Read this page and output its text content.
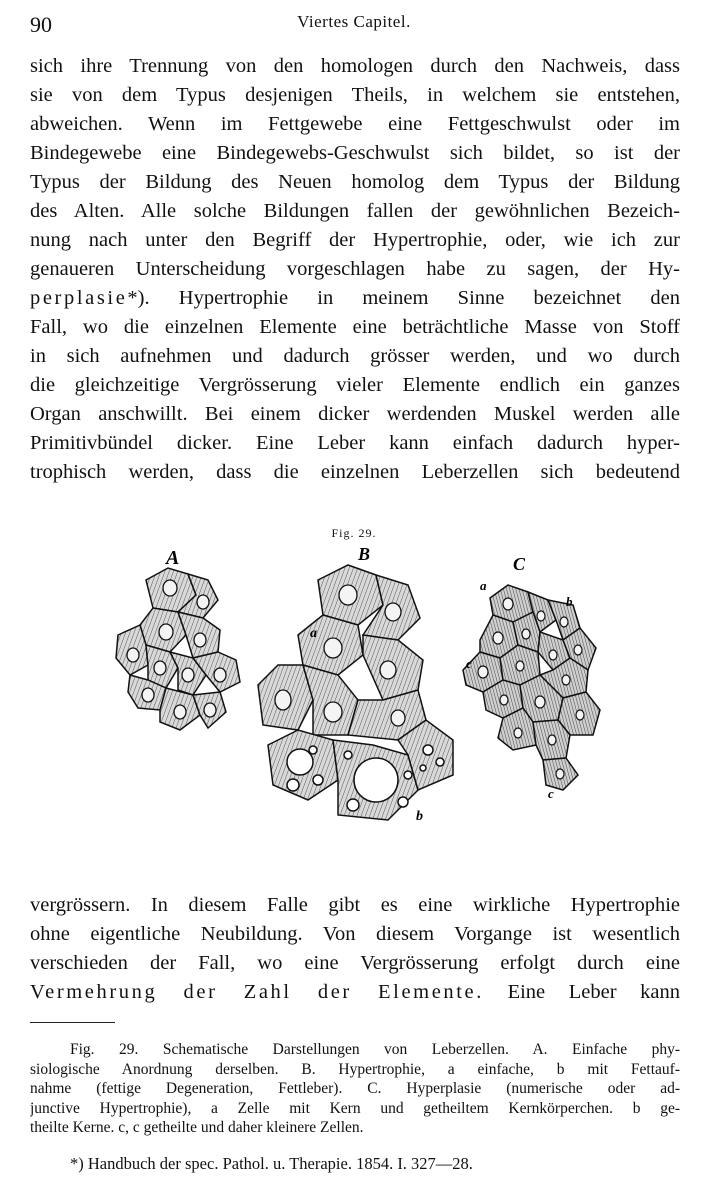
90	Viertes Capitel.
sich ihre Trennung von den homologen durch den Nachweis, dass
sie von dem Typus desjenigen Theils, in welchem sie entstehen,
abweichen. Wenn im Fettgewebe eine Fettgeschwulst oder im
Bindegewebe eine Bindegewebs-Geschwulst sich bildet, so ist der
Typus der Bildung des Neuen homolog dem Typus der Bildung
des Alten. Alle solche Bildungen fallen der gewöhnlichen Bezeich-
nung nach unter den Begriff der Hypertrophie, oder, wie ich zur
genaueren Unterscheidung vorgeschlagen habe zu sagen, der Hy-
perplasie*). Hypertrophie in meinem Sinne bezeichnet den
Fall, wo die einzelnen Elemente eine beträchtliche Masse von Stoff
in sich aufnehmen und dadurch grösser werden, und wo durch
die gleichzeitige Vergrösserung vieler Elemente endlich ein ganzes
Organ anschwillt. Bei einem dicker werdenden Muskel werden alle
Primitivbündel dicker. Eine Leber kann einfach dadurch hyper-
trophisch werden, dass die einzelnen Leberzellen sich bedeutend
Fig. 29.
A	B
a
b
C
a
b
c
c
vergrössern. In diesem Falle gibt es eine wirkliche Hypertrophie
ohne eigentliche Neubildung. Von diesem Vorgange ist wesentlich
verschieden der Fall, wo eine Vergrösserung erfolgt durch eine
Vermehrung der Zahl der Elemente. Eine Leber kann
Fig. 29. Schematische Darstellungen von Leberzellen. A. Einfache phy-
siologische Anordnung derselben. B. Hypertrophie, a einfache, b mit Fettauf-
nahme (fettige Degeneration, Fettleber). C. Hyperplasie (numerische oder ad-
junctive Hypertrophie), a Zelle mit Kern und getheiltem Kernkörperchen. b ge-
theilte Kerne. c, c getheilte und daher kleinere Zellen.
*) Handbuch der spec. Pathol. u. Therapie. 1854. I. 327—28.
